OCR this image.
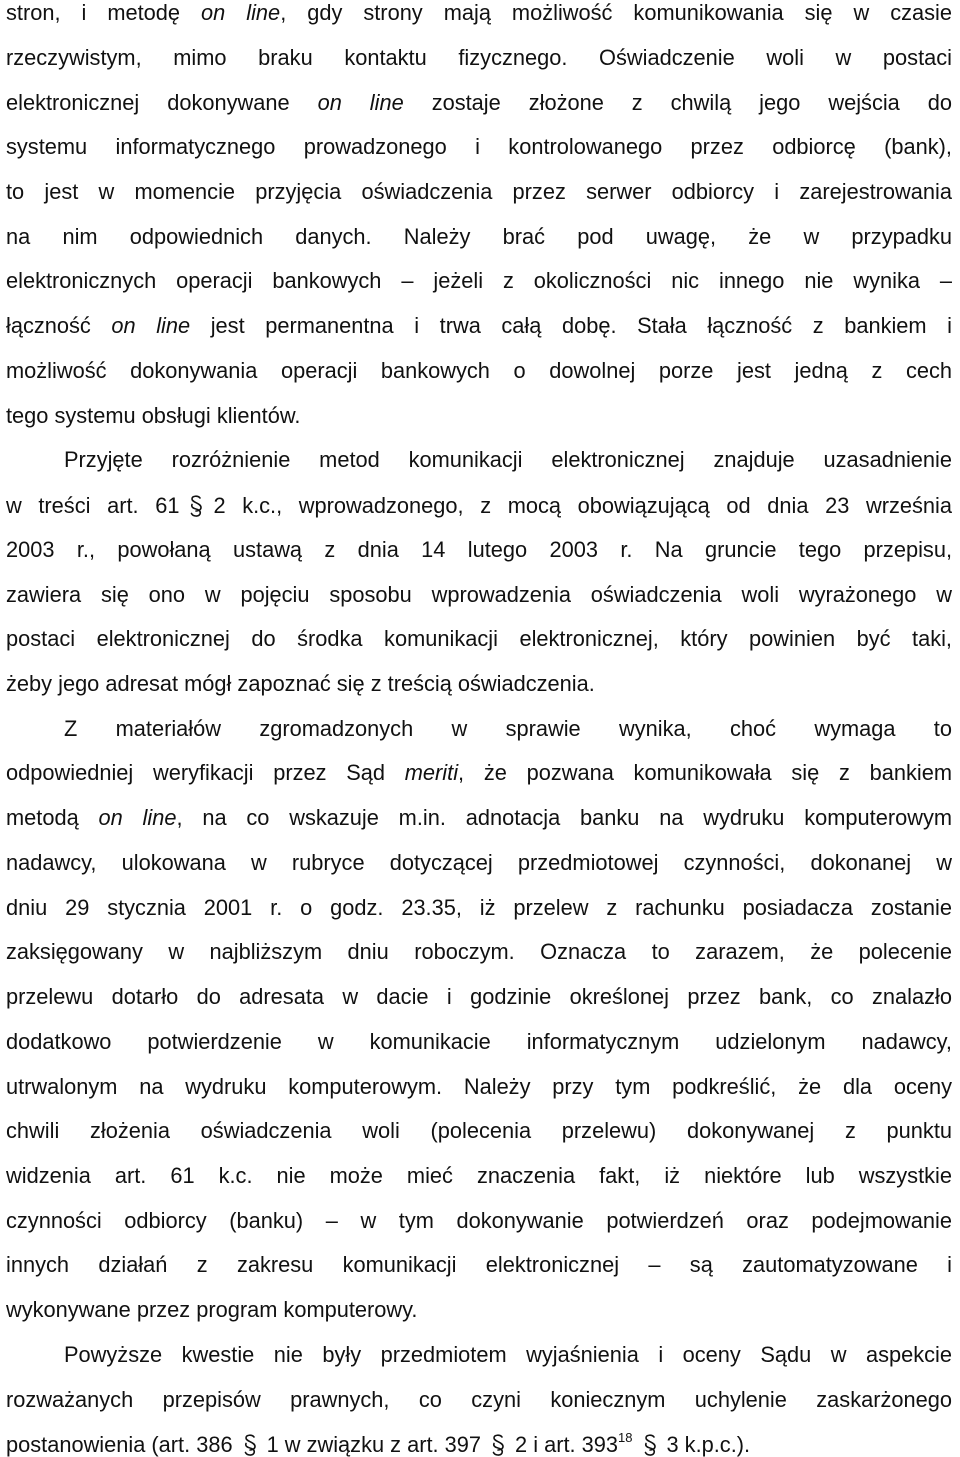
stron, i metodę on line, gdy strony mają możliwość komunikowania się w czasie
rzeczywistym, mimo braku kontaktu fizycznego. Oświadczenie woli w postaci
elektronicznej dokonywane on line zostaje złożone z chwilą jego wejścia do
systemu informatycznego prowadzonego i kontrolowanego przez odbiorcę (bank),
to jest w momencie przyjęcia oświadczenia przez serwer odbiorcy i zarejestrowania
na nim odpowiednich danych. Należy brać pod uwagę, że w przypadku
elektronicznych operacji bankowych – jeżeli z okoliczności nic innego nie wynika –
łączność on line jest permanentna i trwa całą dobę. Stała łączność z bankiem i
możliwość dokonywania operacji bankowych o dowolnej porze jest jedną z cech
tego systemu obsługi klientów.
Przyjęte rozróżnienie metod komunikacji elektronicznej znajduje uzasadnienie
w treści art. 61 2 k.c., wprowadzonego, z mocą obowiązującą od dnia 23 września
2003 r., powołaną ustawą z dnia 14 lutego 2003 r. Na gruncie tego przepisu,
zawiera się ono w pojęciu sposobu wprowadzenia oświadczenia woli wyrażonego w
postaci elektronicznej do środka komunikacji elektronicznej, który powinien być taki,
żeby jego adresat mógł zapoznać się z treścią oświadczenia.
Z materiałów zgromadzonych w sprawie wynika, choć wymaga to
odpowiedniej weryfikacji przez Sąd meriti, że pozwana komunikowała się z bankiem
metodą on line, na co wskazuje m.in. adnotacja banku na wydruku komputerowym
nadawcy, ulokowana w rubryce dotyczącej przedmiotowej czynności, dokonanej w
dniu 29 stycznia 2001 r. o godz. 23.35, iż przelew z rachunku posiadacza zostanie
zaksięgowany w najbliższym dniu roboczym. Oznacza to zarazem, że polecenie
przelewu dotarło do adresata w dacie i godzinie określonej przez bank, co znalazło
dodatkowo potwierdzenie w komunikacie informatycznym udzielonym nadawcy,
utrwalonym na wydruku komputerowym. Należy przy tym podkreślić, że dla oceny
chwili złożenia oświadczenia woli (polecenia przelewu) dokonywanej z punktu
widzenia art. 61 k.c. nie może mieć znaczenia fakt, iż niektóre lub wszystkie
czynności odbiorcy (banku) – w tym dokonywanie potwierdzeń oraz podejmowanie
innych działań z zakresu komunikacji elektronicznej – są zautomatyzowane i
wykonywane przez program komputerowy.
Powyższe kwestie nie były przedmiotem wyjaśnienia i oceny Sądu w aspekcie
rozważanych przepisów prawnych, co czyni koniecznym uchylenie zaskarżonego
postanowienia (art. 386 1 w związku z art. 397 2 i art. $393^{18}$ 3 k.p.c.).
